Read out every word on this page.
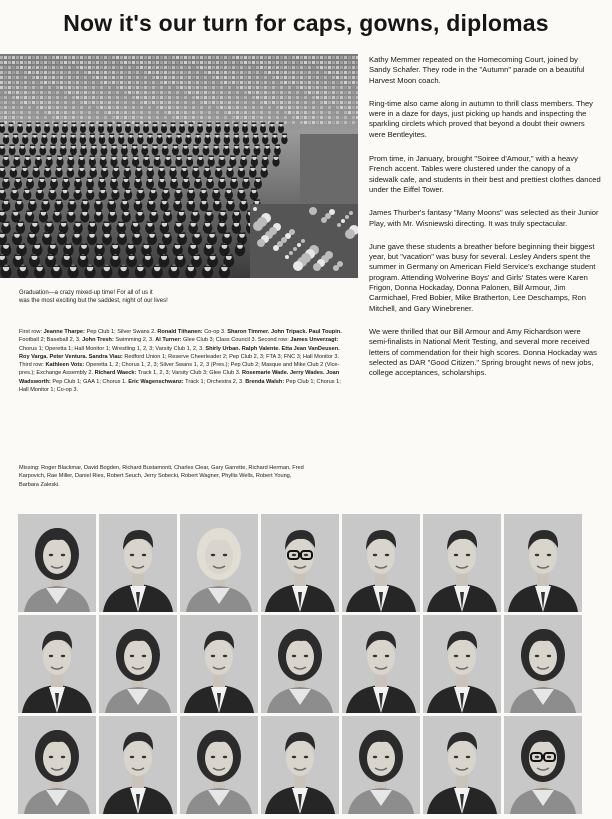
Now it's our turn for caps, gowns, diplomas
Graduation—a crazy mixed-up time! For all of us it
was the most exciting but the saddest, night of our lives!
First row: Jeanne Tharpe: Pep Club 1; Silver Swans 2. Ronald Tiihanen: Co-op 3. Sharon Timmer. John Tripack. Paul Toupin. Football 2; Baseball 2, 3. John Tresh: Swimming 2, 3. Al Turner: Glee Club 3; Class Council 3. Second row: James Unverzagt: Chorus 1; Operetta 1; Hall Monitor 1; Wrestling 1, 2, 3; Varsity Club 1, 2, 3. Shirly Urban. Ralph Valente. Etta Jean VanDeusen. Roy Varga. Peter Ventura. Sandra Viau: Redford Union 1; Reserve Cheerleader 2; Pep Club 2, 3; FTA 3; FNC 3; Hall Monitor 3. Third row: Kathleen Vots: Operetta 1, 2; Chorus 1, 2, 3; Silver Swans 1, 2, 3 (Pres.); Pep Club 2; Masque and Mike Club 2 (Vice-pres.); Exchange Assembly 2. Richard Waeck: Track 1, 2, 3; Varsity Club 3; Glee Club 3. Rosemarie Wade. Jerry Wades. Joan Wadsworth: Pep Club 1; GAA 1; Chorus 1. Eric Wagenschwanz: Track 1; Orchestra 2, 3. Brenda Walsh: Pep Club 1; Chorus 1; Hall Monitor 1; Co-op 3.
Missing: Roger Blackmar, David Bogden, Richard Bustamonti, Charles Clear, Gary Garrette, Richard Herman, Fred Karpovich, Rae Miller, Daniel Ries, Robert Seuch, Jerry Sobecki, Robert Wagner, Phyllis Wells, Robert Young, Barbara Zaleski.

Kathy Memmer repeated on the Homecoming Court, joined by Sandy Schafer. They rode in the "Autumn" parade on a beautiful Harvest Moon coach.

Ring-time also came along in autumn to thrill class members. They were in a daze for days, just picking up hands and inspecting the sparkling circlets which proved that beyond a doubt their owners were Bentleyites.

Prom time, in January, brought "Soiree d'Amour," with a heavy French accent. Tables were clustered under the canopy of a sidewalk cafe, and students in their best and prettiest clothes danced under the Eiffel Tower.

James Thurber's fantasy "Many Moons" was selected as their Junior Play, with Mr. Wisniewski directing. It was truly spectacular.

June gave these students a breather before beginning their biggest year, but "vacation" was busy for several. Lesley Anders spent the summer in Germany on American Field Service's exchange student program. Attending Wolverine Boys' and Girls' States were Karen Frigon, Donna Hockaday, Donna Palonen, Bill Armour, Jim Carmichael, Fred Bobier, Mike Bratherton, Lee Deschamps, Ron Mitchell, and Gary Winebrener.

We were thrilled that our Bill Armour and Amy Richardson were semi-finalists in National Merit Testing, and several more received letters of commendation for their high scores. Donna Hockaday was selected as DAR "Good Citizen." Spring brought news of new jobs, college acceptances, scholarships.
